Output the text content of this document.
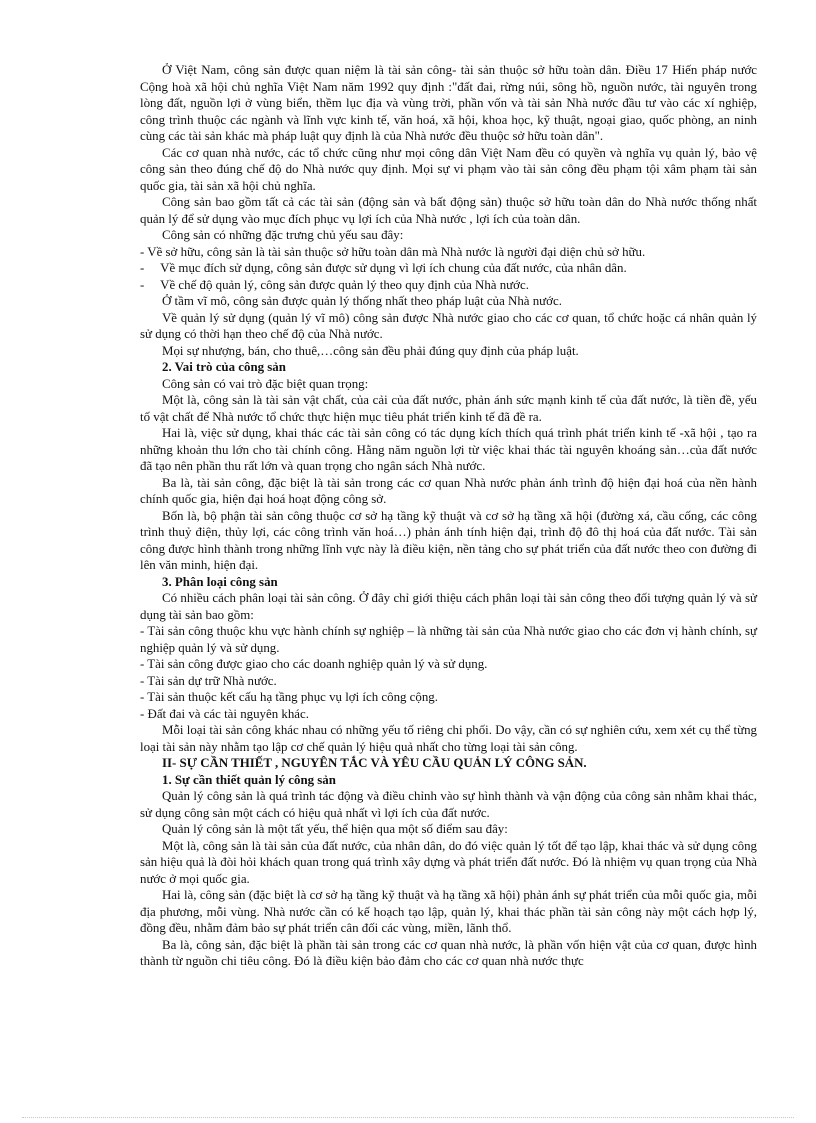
Ở Việt Nam, công sản được quan niệm là tài sản công- tài sản thuộc sở hữu toàn dân. Điều 17 Hiến pháp nước Cộng hoà xã hội chủ nghĩa Việt Nam năm 1992 quy định :"đất đai, rừng núi, sông hồ, nguồn nước, tài nguyên trong lòng đất, nguồn lợi ở vùng biển, thềm lục địa và vùng trời, phần vốn và tài sản Nhà nước đầu tư vào các xí nghiệp, công trình thuộc các ngành và lĩnh vực kinh tế, văn hoá, xã hội, khoa học, kỹ thuật, ngoại giao, quốc phòng, an ninh cùng các tài sản khác mà pháp luật quy định là của Nhà nước đều thuộc sở hữu toàn dân".

Các cơ quan nhà nước, các tổ chức cũng như mọi công dân Việt Nam đều có quyền và nghĩa vụ quản lý, bảo vệ công sản theo đúng chế độ do Nhà nước quy định. Mọi sự vi phạm vào tài sản công đều phạm tội xâm phạm tài sản quốc gia, tài sản xã hội chủ nghĩa.

Công sản bao gồm tất cả các tài sản (động sản và bất động sản) thuộc sở hữu toàn dân do Nhà nước thống nhất quản lý để sử dụng vào mục đích phục vụ lợi ích của Nhà nước , lợi ích của toàn dân.

Công sản có những đặc trưng chủ yếu sau đây:

- Về sở hữu, công sản là tài sản thuộc sở hữu toàn dân mà Nhà nước là người đại diện chủ sở hữu.

-     Về mục đích sử dụng, công sản được sử dụng vì lợi ích chung của đất nước, của nhân dân.

-     Về chế độ quản lý, công sản được quản lý theo quy định của Nhà nước.

Ở tầm vĩ mô, công sản được quản lý thống nhất theo pháp luật của Nhà nước.

Về quản lý sử dụng (quản lý vĩ mô) công sản được Nhà nước giao cho các cơ quan, tổ chức hoặc cá nhân quản lý sử dụng có thời hạn theo chế độ của Nhà nước.

Mọi sự nhượng, bán, cho thuê,…công sản đều phải đúng quy định của pháp luật.

2. Vai trò của công sản

Công sản có vai trò đặc biệt quan trọng:

Một là, công sản là tài sản vật chất, của cải của đất nước, phản ánh sức mạnh kinh tế của đất nước, là tiền đề, yếu tố vật chất để Nhà nước tổ chức thực hiện mục tiêu phát triển kinh tế đã đề ra.

Hai là, việc sử dụng, khai thác các tài sản công có tác dụng kích thích quá trình phát triển kinh tế -xã hội , tạo ra những khoản thu lớn cho tài chính công. Hằng năm nguồn lợi từ việc khai thác tài nguyên khoáng sản…của đất nước đã tạo nên phần thu rất lớn và quan trọng cho ngân sách Nhà nước.

Ba là, tài sản công, đặc biệt là tài sản trong các cơ quan Nhà nước phản ánh trình độ hiện đại hoá của nền hành chính quốc gia, hiện đại hoá hoạt động công sở.

Bốn là, bộ phận tài sản công thuộc cơ sở hạ tầng kỹ thuật và cơ sở hạ tầng xã hội (đường xá, cầu cống, các công trình thuỷ điện, thủy lợi, các công trình văn hoá…) phản ánh tính hiện đại, trình độ đô thị hoá của đất nước. Tài sản công được hình thành trong những lĩnh vực này là điều kiện, nền tảng cho sự phát triển của đất nước theo con đường đi lên văn minh, hiện đại.

3. Phân loại công sản

Có nhiều cách phân loại tài sản công. Ở đây chỉ giới thiệu cách phân loại tài sản công theo đối tượng quản lý và sử dụng tài sản bao gồm:

- Tài sản công thuộc khu vực hành chính sự nghiệp – là những tài sản của Nhà nước giao cho các đơn vị hành chính, sự nghiệp quản lý và sử dụng.

- Tài sản công được giao cho các doanh nghiệp quản lý và sử dụng.

- Tài sản dự trữ Nhà nước.

- Tài sản thuộc kết cấu hạ tầng phục vụ lợi ích công cộng.

- Đất đai và các tài nguyên khác.

Mỗi loại tài sản công khác nhau có những yếu tố riêng chi phối. Do vậy, cần có sự nghiên cứu, xem xét cụ thể từng loại tài sản này nhằm tạo lập cơ chế quản lý hiệu quả nhất cho từng loại tài sản công.

II- SỰ CẦN THIẾT , NGUYÊN TẮC VÀ YÊU CẦU QUẢN LÝ CÔNG SẢN.

1. Sự cần thiết quản lý công sản

Quản lý công sản là quá trình tác động và điều chỉnh vào sự hình thành và vận động của công sản nhằm khai thác, sử dụng công sản một cách có hiệu quả nhất vì lợi ích của đất nước.

Quản lý công sản là một tất yếu, thể hiện qua một số điểm sau đây:

Một là, công sản là tài sản của đất nước, của nhân dân, do đó việc quản lý tốt để tạo lập, khai thác và sử dụng công sản hiệu quả là đòi hỏi khách quan trong quá trình xây dựng và phát triển đất nước. Đó là nhiệm vụ quan trọng của Nhà nước ở mọi quốc gia.

Hai là, công sản (đặc biệt là cơ sở hạ tầng kỹ thuật và hạ tầng xã hội) phản ánh sự phát triển của mỗi quốc gia, mỗi địa phương, mỗi vùng. Nhà nước cần có kế hoạch tạo lập, quản lý, khai thác phần tài sản công này một cách hợp lý, đồng đều, nhằm đảm bảo sự phát triển cân đối các vùng, miền, lãnh thổ.

Ba là, công sản, đặc biệt là phần tài sản trong các cơ quan nhà nước, là phần vốn hiện vật của cơ quan, được hình thành từ nguồn chi tiêu công. Đó là điều kiện bảo đảm cho các cơ quan nhà nước thực
